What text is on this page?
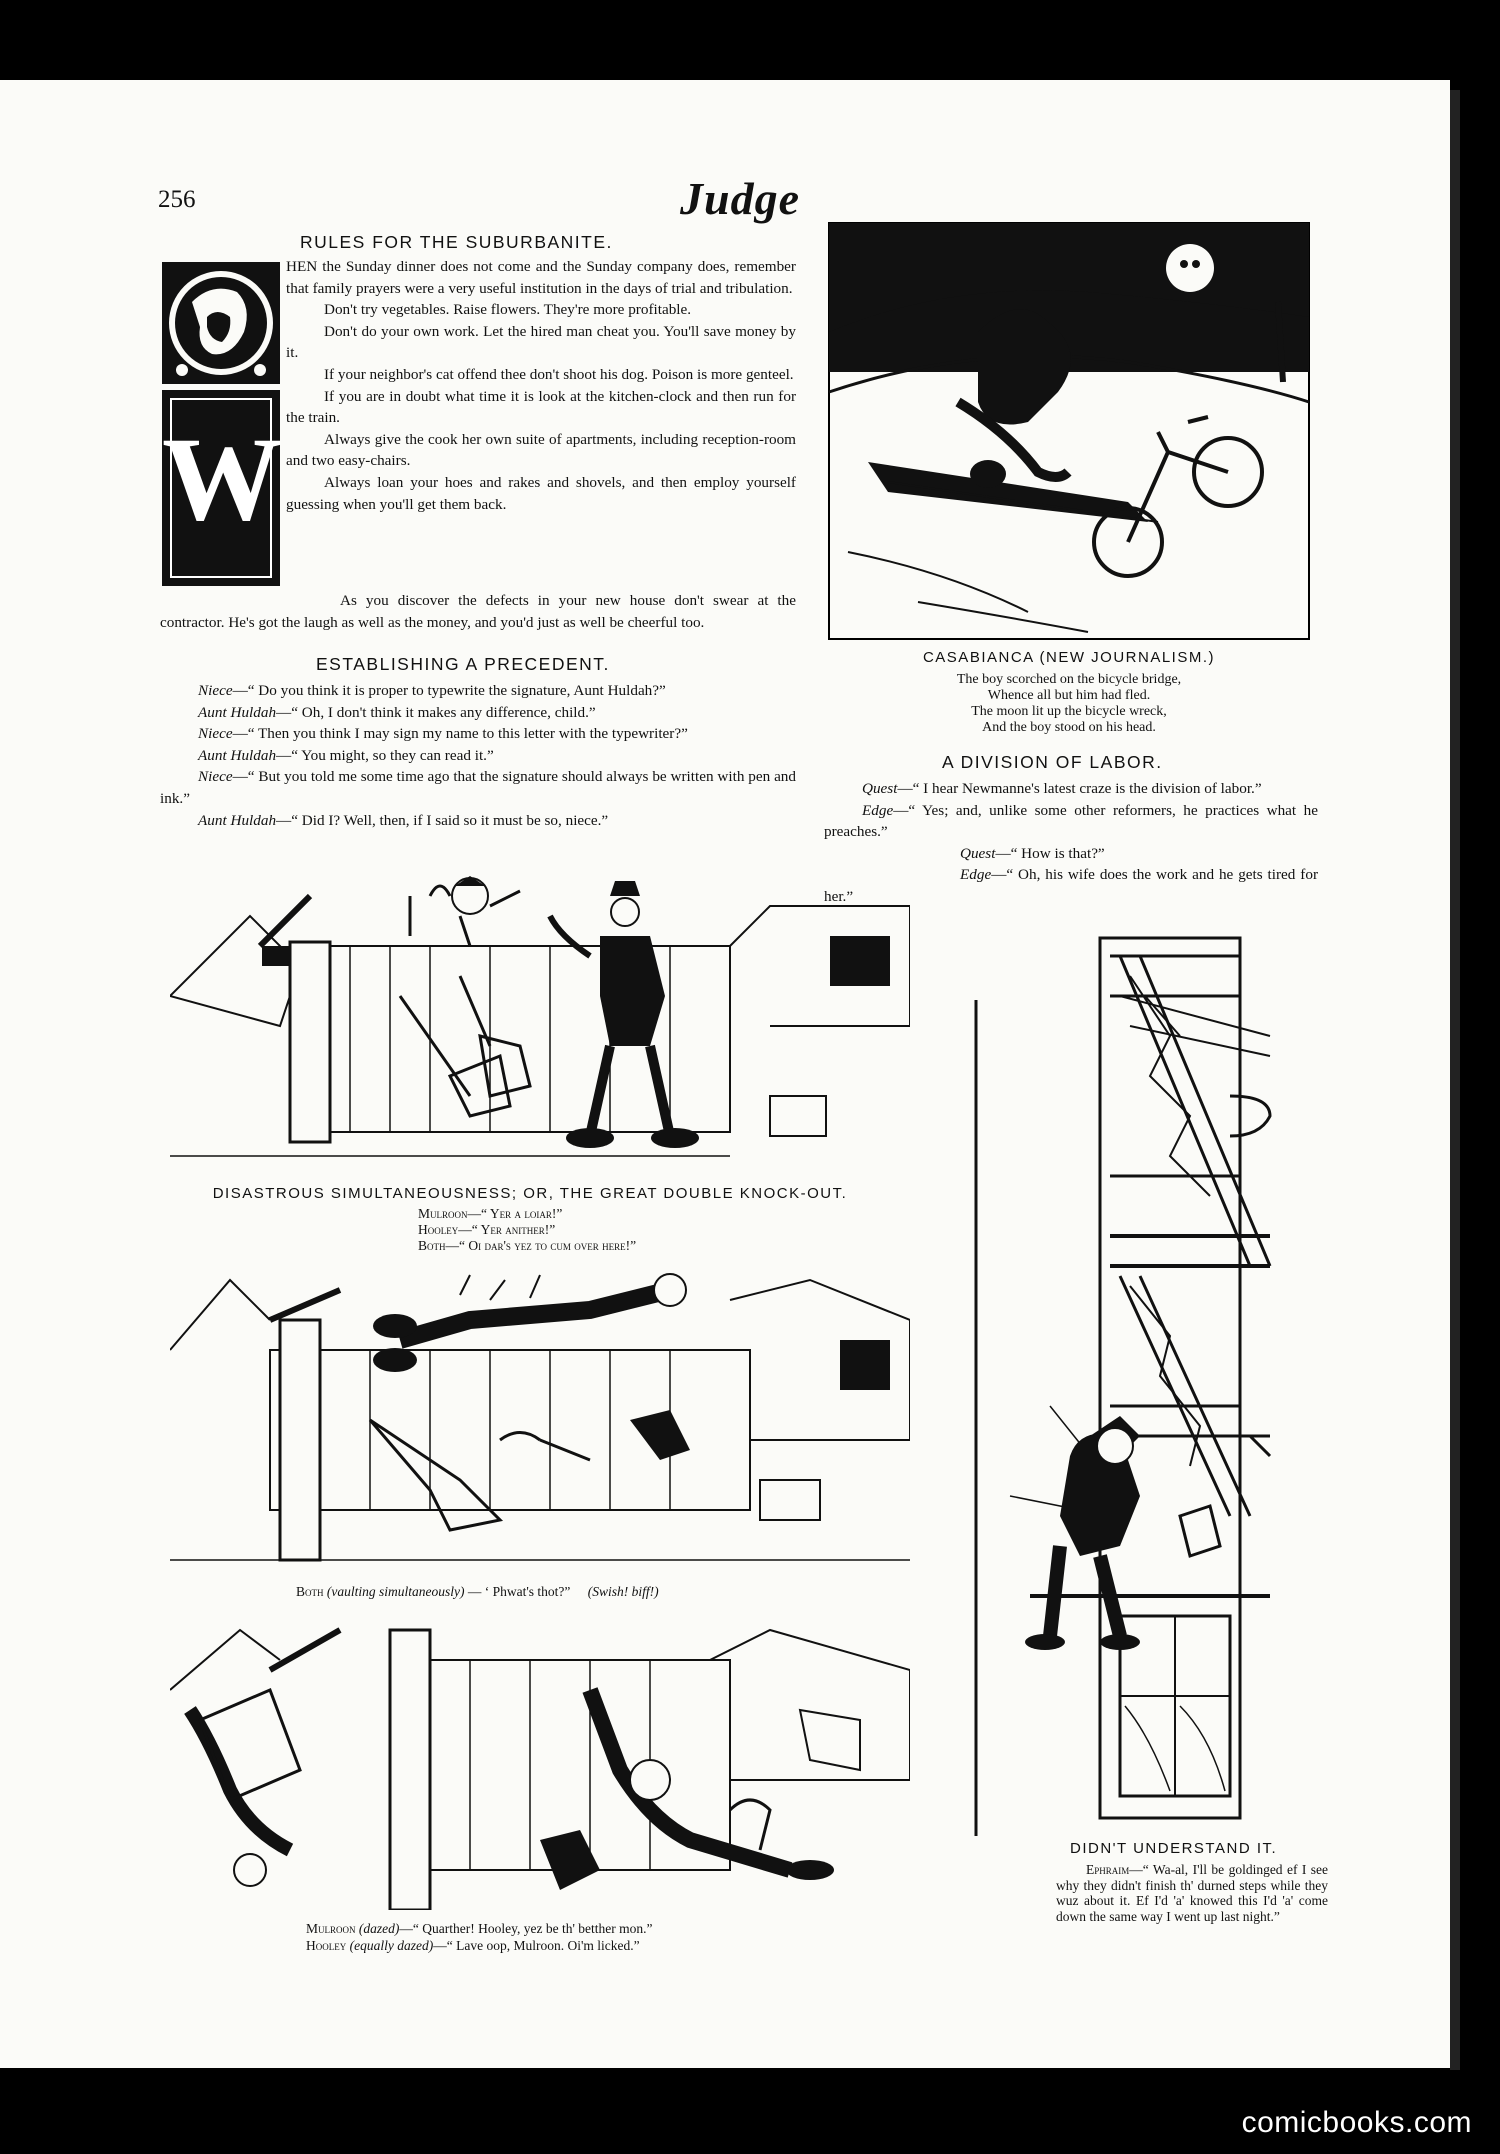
256	Judge
W
RULES FOR THE SUBURBANITE.

HEN the Sunday dinner does not come and the Sunday company does, remember that family prayers were a very useful institution in the days of trial and tribulation.

Don't try vegetables. Raise flowers. They're more profitable.

Don't do your own work. Let the hired man cheat you. You'll save money by it.

If your neighbor's cat offend thee don't shoot his dog. Poison is more genteel.

If you are in doubt what time it is look at the kitchen-clock and then run for the train.

Always give the cook her own suite of apartments, including reception-room and two easy-chairs.

Always loan your hoes and rakes and shovels, and then employ yourself guessing when you'll get them back.

As you discover the defects in your new house don't swear at the contractor. He's got the laugh as well as the money, and you'd just as well be cheerful too.

ESTABLISHING A PRECEDENT.

Niece—“ Do you think it is proper to typewrite the signature, Aunt Huldah?”

Aunt Huldah—“ Oh, I don't think it makes any difference, child.”

Niece—“ Then you think I may sign my name to this letter with the typewriter?”

Aunt Huldah—“ You might, so they can read it.”

Niece—“ But you told me some time ago that the signature should always be written with pen and ink.”

Aunt Huldah—“ Did I? Well, then, if I said so it must be so, niece.”

CASABIANCA (NEW JOURNALISM.)
The boy scorched on the bicycle bridge,
Whence all but him had fled.
The moon lit up the bicycle wreck,
And the boy stood on his head.
A DIVISION OF LABOR.

Quest—“ I hear Newmanne's latest craze is the division of labor.”

Edge—“ Yes; and, unlike some other reformers, he practices what he preaches.”

Quest—“ How is that?”

Edge—“ Oh, his wife does the work and he gets tired for her.”

DISASTROUS SIMULTANEOUSNESS; OR, THE GREAT DOUBLE KNOCK-OUT.
Mulroon—“ Yer a loiar!”
Hooley—“ Yer anither!”
Both—“ Oi dar's yez to cum over here!”
Both (vaulting simultaneously) — ‘ Phwat's thot?” (Swish! biff!)
Mulroon (dazed)—“ Quarther! Hooley, yez be th' betther mon.”
Hooley (equally dazed)—“ Lave oop, Mulroon. Oi'm licked.”
DIDN'T UNDERSTAND IT.

Ephraim—“ Wa-al, I'll be goldinged ef I see why they didn't finish th' durned steps while they wuz about it. Ef I'd 'a' knowed this I'd 'a' come down the same way I went up last night.”

comicbooks.com
